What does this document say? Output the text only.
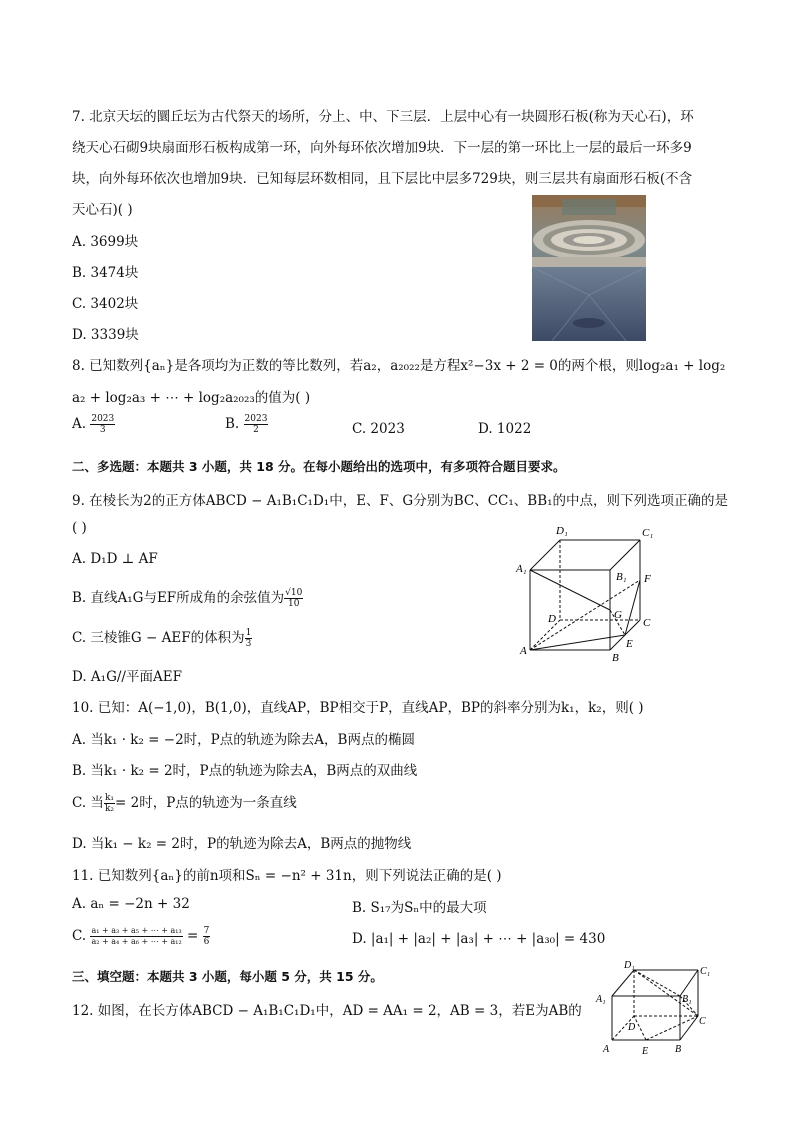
7. 北京天坛的圜丘坛为古代祭天的场所，分上、中、下三层．上层中心有一块圆形石板(称为天心石)，环
绕天心石砌9块扇面形石板构成第一环，向外每环依次增加9块．下一层的第一环比上一层的最后一环多9
块，向外每环依次也增加9块．已知每层环数相同，且下层比中层多729块，则三层共有扇面形石板(不含
天心石)( )
A. 3699块
B. 3474块
C. 3402块
D. 3339块
8. 已知数列{aₙ}是各项均为正数的等比数列，若a₂，a₂₀₂₂是方程x²−3x + 2 = 0的两个根，则log₂a₁ + log₂
a₂ + log₂a₃ + ⋯ + log₂a₂₀₂₃的值为( )
A. $\frac{2023}{3}$	B. $\frac{2023}{2}$	C. 2023	D. 1022
二、多选题：本题共 3 小题，共 18 分。在每小题给出的选项中，有多项符合题目要求。
9. 在棱长为2的正方体ABCD − A₁B₁C₁D₁中，E、F、G分别为BC、CC₁、BB₁的中点，则下列选项正确的是
( )
A. D₁D ⊥ AF
B. 直线A₁G与EF所成角的余弦值为 $\frac{√10}{10}$
C. 三棱锥G − AEF的体积为 $\frac{1}{3}$
D. A₁G//平面AEF
D₁	C₁
A₁
B₁ F
G
D	C
E
A
B
10. 已知：A(−1,0)，B(1,0)，直线AP，BP相交于P，直线AP，BP的斜率分别为k₁，k₂，则( )
A. 当k₁ · k₂ = −2时，P点的轨迹为除去A，B两点的椭圆
B. 当k₁ · k₂ = 2时，P点的轨迹为除去A，B两点的双曲线
C. 当 $\frac{\text{k₁}}{\text{k₂}} = 2$时，P点的轨迹为一条直线
D. 当k₁ − k₂ = 2时，P的轨迹为除去A，B两点的抛物线
11. 已知数列{aₙ}的前n项和Sₙ = −n² + 31n，则下列说法正确的是( )
A. aₙ = −2n + 32	B. S₁₇为Sₙ中的最大项
C. $\frac{\text{a₁ + a₃ + a₅ + ⋯ + a₁₃}}{\text{a₂ + a₄ + a₆ + ⋯ + a₁₂}} = \frac{7}{6}$	D. |a₁| + |a₂| + |a₃| + ⋯ + |a₃₀| = 430
三、填空题：本题共 3 小题，每小题 5 分，共 15 分。
12. 如图，在长方体ABCD − A₁B₁C₁D₁中，AD = AA₁ = 2，AB = 3，若E为AB的
D₁
C₁
A₁	B₁
D
C
A	E	B
